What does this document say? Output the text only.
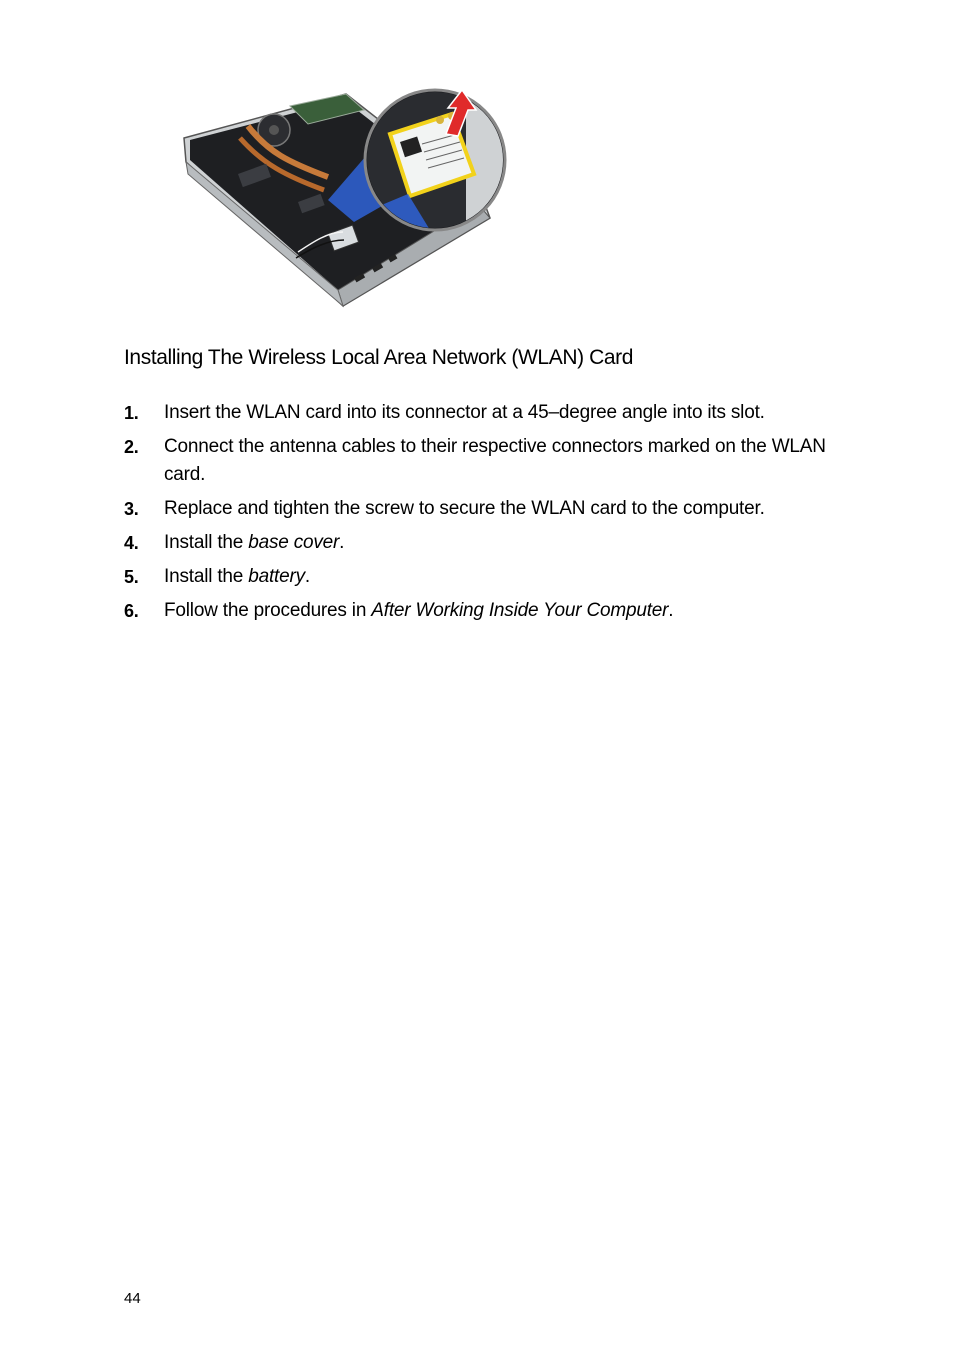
Installing The Wireless Local Area Network (WLAN) Card
1. Insert the WLAN card into its connector at a 45–degree angle into its slot.
2. Connect the antenna cables to their respective connectors marked on the WLAN card.
3. Replace and tighten the screw to secure the WLAN card to the computer.
4. Install the base cover.
5. Install the battery.
6. Follow the procedures in After Working Inside Your Computer.
44
